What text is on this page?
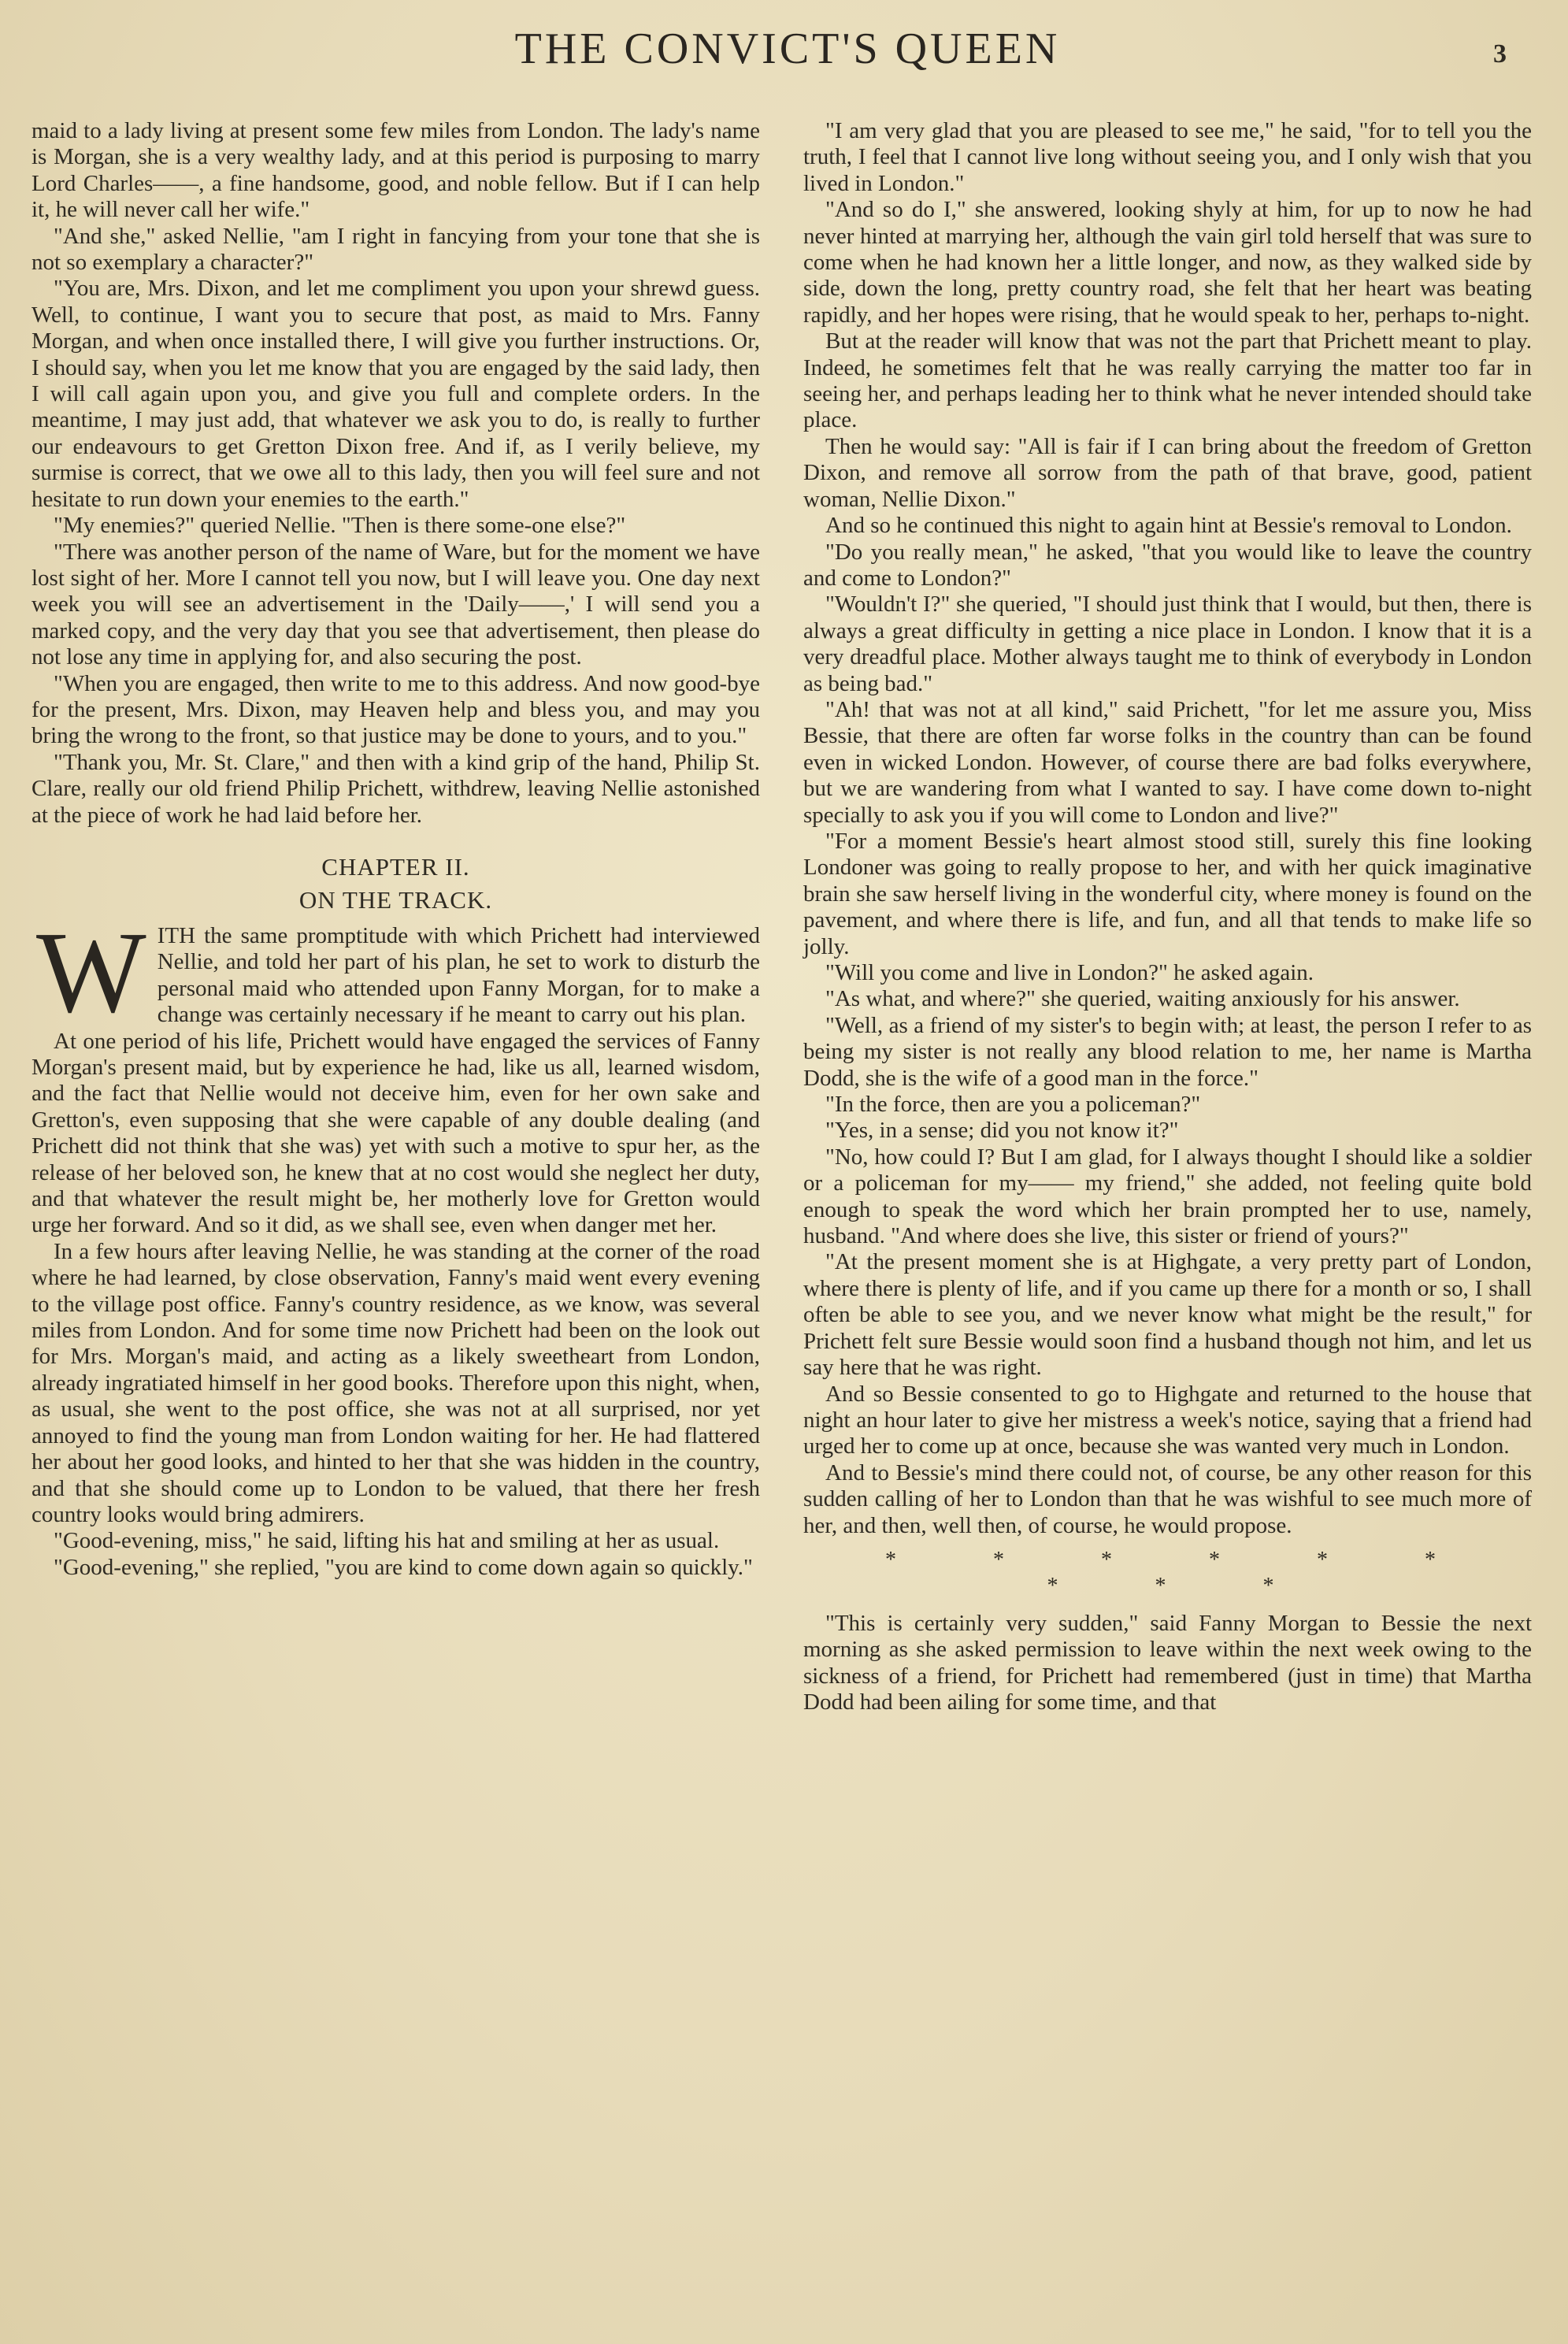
THE CONVICT'S QUEEN	3

maid to a lady living at present some few miles from London. The lady's name is Morgan, she is a very wealthy lady, and at this period is purposing to marry Lord Charles——, a fine handsome, good, and noble fellow. But if I can help it, he will never call her wife."

"And she," asked Nellie, "am I right in fancying from your tone that she is not so exemplary a character?"

"You are, Mrs. Dixon, and let me compliment you upon your shrewd guess. Well, to continue, I want you to secure that post, as maid to Mrs. Fanny Morgan, and when once installed there, I will give you further instructions. Or, I should say, when you let me know that you are engaged by the said lady, then I will call again upon you, and give you full and complete orders. In the meantime, I may just add, that whatever we ask you to do, is really to further our endeavours to get Gretton Dixon free. And if, as I verily believe, my surmise is correct, that we owe all to this lady, then you will feel sure and not hesitate to run down your enemies to the earth."

"My enemies?" queried Nellie. "Then is there some-one else?"

"There was another person of the name of Ware, but for the moment we have lost sight of her. More I cannot tell you now, but I will leave you. One day next week you will see an advertisement in the 'Daily——,' I will send you a marked copy, and the very day that you see that advertisement, then please do not lose any time in applying for, and also securing the post.

"When you are engaged, then write to me to this address. And now good-bye for the present, Mrs. Dixon, may Heaven help and bless you, and may you bring the wrong to the front, so that justice may be done to yours, and to you."

"Thank you, Mr. St. Clare," and then with a kind grip of the hand, Philip St. Clare, really our old friend Philip Prichett, withdrew, leaving Nellie astonished at the piece of work he had laid before her.

CHAPTER II.
ON THE TRACK.

WITH the same promptitude with which Prichett had interviewed Nellie, and told her part of his plan, he set to work to disturb the personal maid who attended upon Fanny Morgan, for to make a change was certainly necessary if he meant to carry out his plan.

At one period of his life, Prichett would have engaged the services of Fanny Morgan's present maid, but by experience he had, like us all, learned wisdom, and the fact that Nellie would not deceive him, even for her own sake and Gretton's, even supposing that she were capable of any double dealing (and Prichett did not think that she was) yet with such a motive to spur her, as the release of her beloved son, he knew that at no cost would she neglect her duty, and that whatever the result might be, her motherly love for Gretton would urge her forward. And so it did, as we shall see, even when danger met her.

In a few hours after leaving Nellie, he was standing at the corner of the road where he had learned, by close observation, Fanny's maid went every evening to the village post office. Fanny's country residence, as we know, was several miles from London. And for some time now Prichett had been on the look out for Mrs. Morgan's maid, and acting as a likely sweetheart from London, already ingratiated himself in her good books. Therefore upon this night, when, as usual, she went to the post office, she was not at all surprised, nor yet annoyed to find the young man from London waiting for her. He had flattered her about her good looks, and hinted to her that she was hidden in the country, and that she should come up to London to be valued, that there her fresh country looks would bring admirers.

"Good-evening, miss," he said, lifting his hat and smiling at her as usual.

"Good-evening," she replied, "you are kind to come down again so quickly."

"I am very glad that you are pleased to see me," he said, "for to tell you the truth, I feel that I cannot live long without seeing you, and I only wish that you lived in London."

"And so do I," she answered, looking shyly at him, for up to now he had never hinted at marrying her, although the vain girl told herself that was sure to come when he had known her a little longer, and now, as they walked side by side, down the long, pretty country road, she felt that her heart was beating rapidly, and her hopes were rising, that he would speak to her, perhaps to-night.

But at the reader will know that was not the part that Prichett meant to play. Indeed, he sometimes felt that he was really carrying the matter too far in seeing her, and perhaps leading her to think what he never intended should take place.

Then he would say: "All is fair if I can bring about the freedom of Gretton Dixon, and remove all sorrow from the path of that brave, good, patient woman, Nellie Dixon."

And so he continued this night to again hint at Bessie's removal to London.

"Do you really mean," he asked, "that you would like to leave the country and come to London?"

"Wouldn't I?" she queried, "I should just think that I would, but then, there is always a great difficulty in getting a nice place in London. I know that it is a very dreadful place. Mother always taught me to think of everybody in London as being bad."

"Ah! that was not at all kind," said Prichett, "for let me assure you, Miss Bessie, that there are often far worse folks in the country than can be found even in wicked London. However, of course there are bad folks everywhere, but we are wandering from what I wanted to say. I have come down to-night specially to ask you if you will come to London and live?"

"For a moment Bessie's heart almost stood still, surely this fine looking Londoner was going to really propose to her, and with her quick imaginative brain she saw herself living in the wonderful city, where money is found on the pavement, and where there is life, and fun, and all that tends to make life so jolly.

"Will you come and live in London?" he asked again.

"As what, and where?" she queried, waiting anxiously for his answer.

"Well, as a friend of my sister's to begin with; at least, the person I refer to as being my sister is not really any blood relation to me, her name is Martha Dodd, she is the wife of a good man in the force."

"In the force, then are you a policeman?"

"Yes, in a sense; did you not know it?"

"No, how could I? But I am glad, for I always thought I should like a soldier or a policeman for my—— my friend," she added, not feeling quite bold enough to speak the word which her brain prompted her to use, namely, husband. "And where does she live, this sister or friend of yours?"

"At the present moment she is at Highgate, a very pretty part of London, where there is plenty of life, and if you came up there for a month or so, I shall often be able to see you, and we never know what might be the result," for Prichett felt sure Bessie would soon find a husband though not him, and let us say here that he was right.

And so Bessie consented to go to Highgate and returned to the house that night an hour later to give her mistress a week's notice, saying that a friend had urged her to come up at once, because she was wanted very much in London.

And to Bessie's mind there could not, of course, be any other reason for this sudden calling of her to London than that he was wishful to see much more of her, and then, well then, of course, he would propose.

* * * * * * * * *

"This is certainly very sudden," said Fanny Morgan to Bessie the next morning as she asked permission to leave within the next week owing to the sickness of a friend, for Prichett had remembered (just in time) that Martha Dodd had been ailing for some time, and that
